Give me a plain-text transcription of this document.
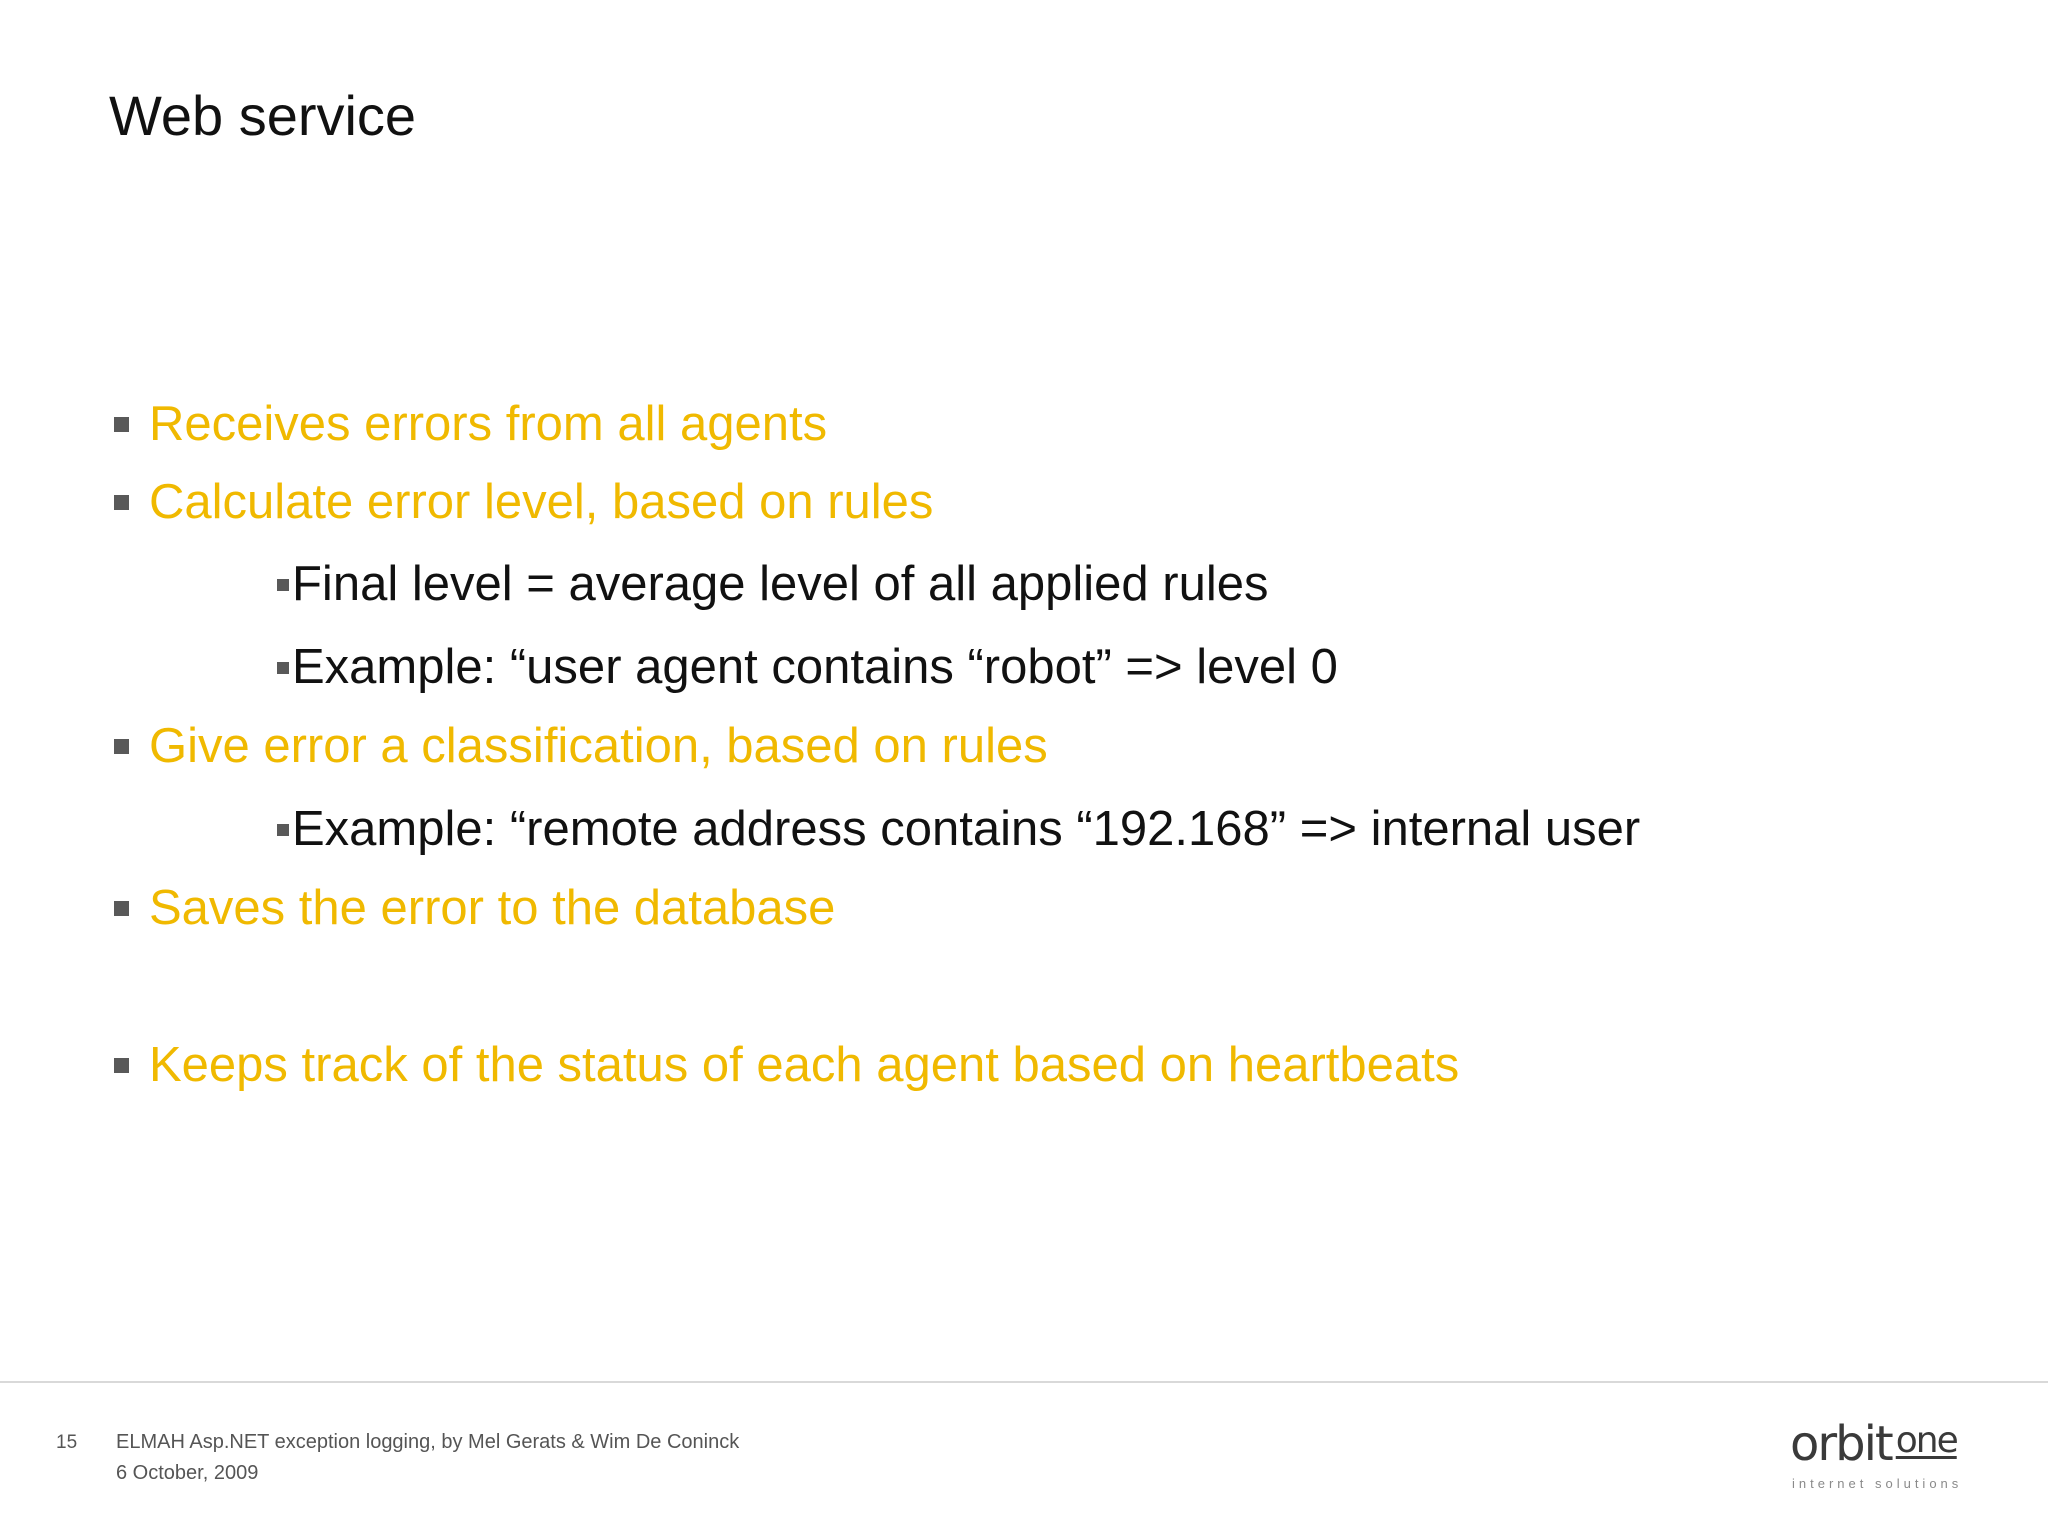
Web service
Receives errors from all agents
Calculate error level, based on rules
Final level = average level of all applied rules
Example: “user agent contains “robot” => level 0
Give error a classification, based on rules
Example: “remote address contains “192.168” => internal user
Saves the error to the database
Keeps track of the status of each agent based on heartbeats
15 ELMAH Asp.NET exception logging, by Mel Gerats & Wim De Coninck
6 October, 2009
orbit one
internet solutions
